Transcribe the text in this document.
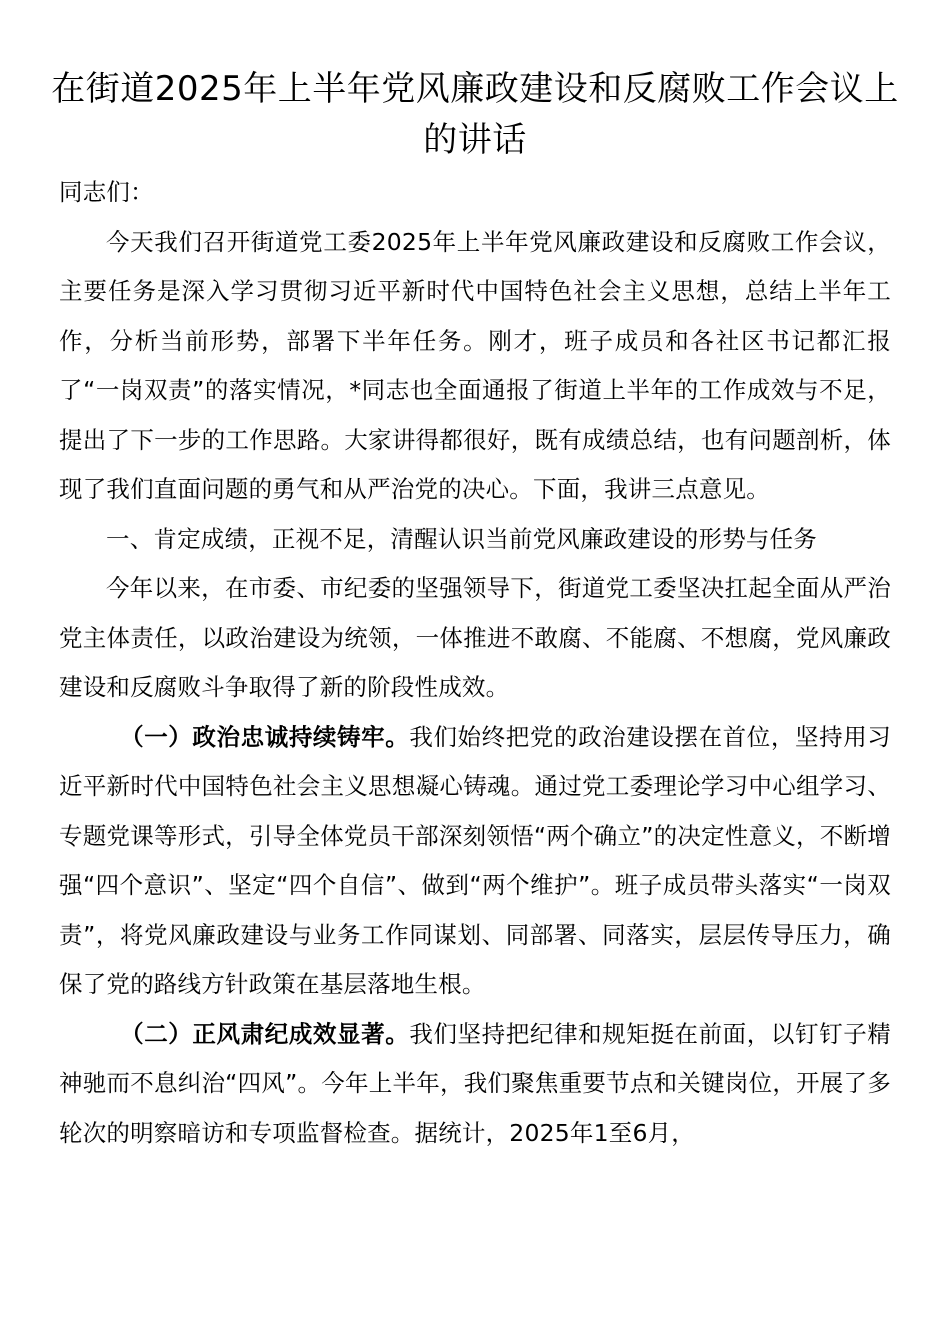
在街道2025年上半年党风廉政建设和反腐败工作会议上的讲话

同志们：

今天我们召开街道党工委2025年上半年党风廉政建设和反腐败工作会议，主要任务是深入学习贯彻习近平新时代中国特色社会主义思想，总结上半年工作，分析当前形势，部署下半年任务。刚才，班子成员和各社区书记都汇报了“一岗双责”的落实情况，*同志也全面通报了街道上半年的工作成效与不足，提出了下一步的工作思路。大家讲得都很好，既有成绩总结，也有问题剖析，体现了我们直面问题的勇气和从严治党的决心。下面，我讲三点意见。

一、肯定成绩，正视不足，清醒认识当前党风廉政建设的形势与任务

今年以来，在市委、市纪委的坚强领导下，街道党工委坚决扛起全面从严治党主体责任，以政治建设为统领，一体推进不敢腐、不能腐、不想腐，党风廉政建设和反腐败斗争取得了新的阶段性成效。

（一）政治忠诚持续铸牢。我们始终把党的政治建设摆在首位，坚持用习近平新时代中国特色社会主义思想凝心铸魂。通过党工委理论学习中心组学习、专题党课等形式，引导全体党员干部深刻领悟“两个确立”的决定性意义，不断增强“四个意识”、坚定“四个自信”、做到“两个维护”。班子成员带头落实“一岗双责”，将党风廉政建设与业务工作同谋划、同部署、同落实，层层传导压力，确保了党的路线方针政策在基层落地生根。

（二）正风肃纪成效显著。我们坚持把纪律和规矩挺在前面，以钉钉子精神驰而不息纠治“四风”。今年上半年，我们聚焦重要节点和关键岗位，开展了多轮次的明察暗访和专项监督检查。据统计，2025年1至6月，
